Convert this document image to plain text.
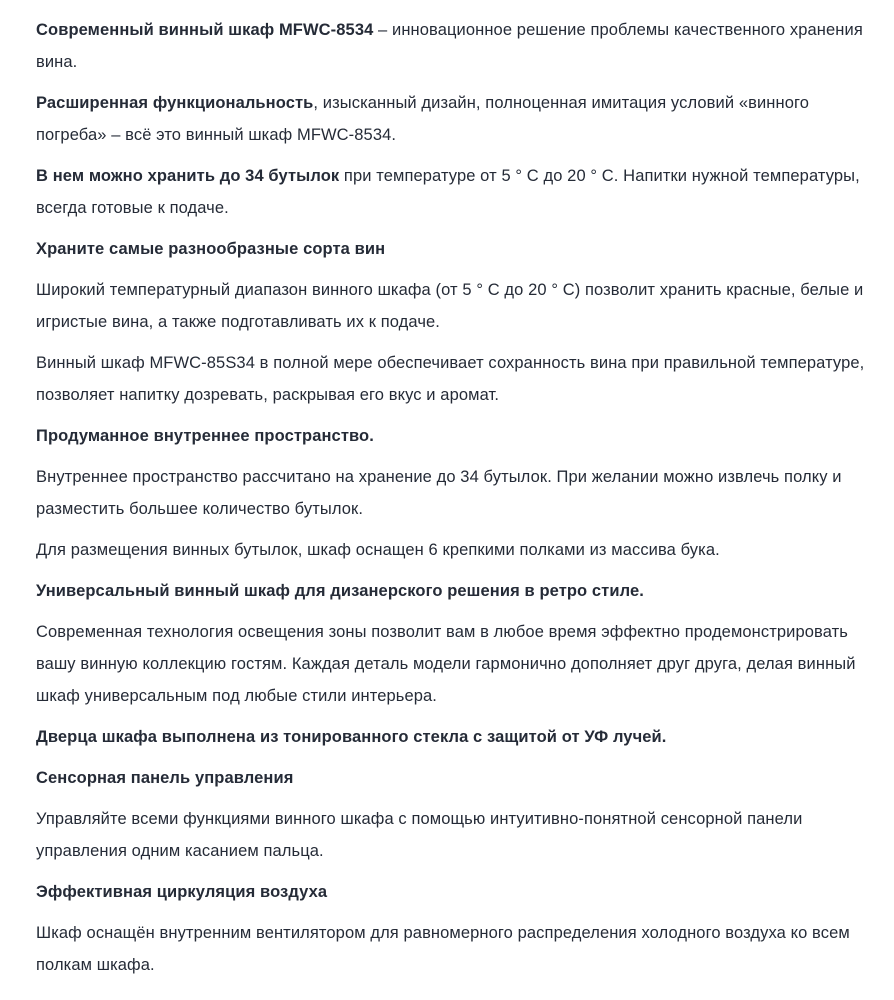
Современный винный шкаф MFWC-8534 – инновационное решение проблемы качественного хранения вина.

Расширенная функциональность, изысканный дизайн, полноценная имитация условий «винного погреба» – всё это винный шкаф MFWC-8534.

В нем можно хранить до 34 бутылок при температуре от 5 ° C до 20 ° C. Напитки нужной температуры, всегда готовые к подаче.

Храните самые разнообразные сорта вин

Широкий температурный диапазон винного шкафа (от 5 ° C до 20 ° C) позволит хранить красные, белые и игристые вина, а также подготавливать их к подаче.

Винный шкаф MFWC-85S34 в полной мере обеспечивает сохранность вина при правильной температуре, позволяет напитку дозревать, раскрывая его вкус и аромат.

Продуманное внутреннее пространство.

Внутреннее пространство рассчитано на хранение до 34 бутылок. При желании можно извлечь полку и разместить большее количество бутылок.

Для размещения винных бутылок, шкаф оснащен 6 крепкими полками из массива бука.

Универсальный винный шкаф для дизанерского решения в ретро стиле.

Современная технология освещения зоны позволит вам в любое время эффектно продемонстрировать вашу винную коллекцию гостям. Каждая деталь модели гармонично дополняет друг друга, делая винный шкаф универсальным под любые стили интерьера.

Дверца шкафа выполнена из тонированного стекла с защитой от УФ лучей.

Сенсорная панель управления

Управляйте всеми функциями винного шкафа с помощью интуитивно-понятной сенсорной панели управления одним касанием пальца.

Эффективная циркуляция воздуха

Шкаф оснащён внутренним вентилятором для равномерного распределения холодного воздуха ко всем полкам шкафа.
